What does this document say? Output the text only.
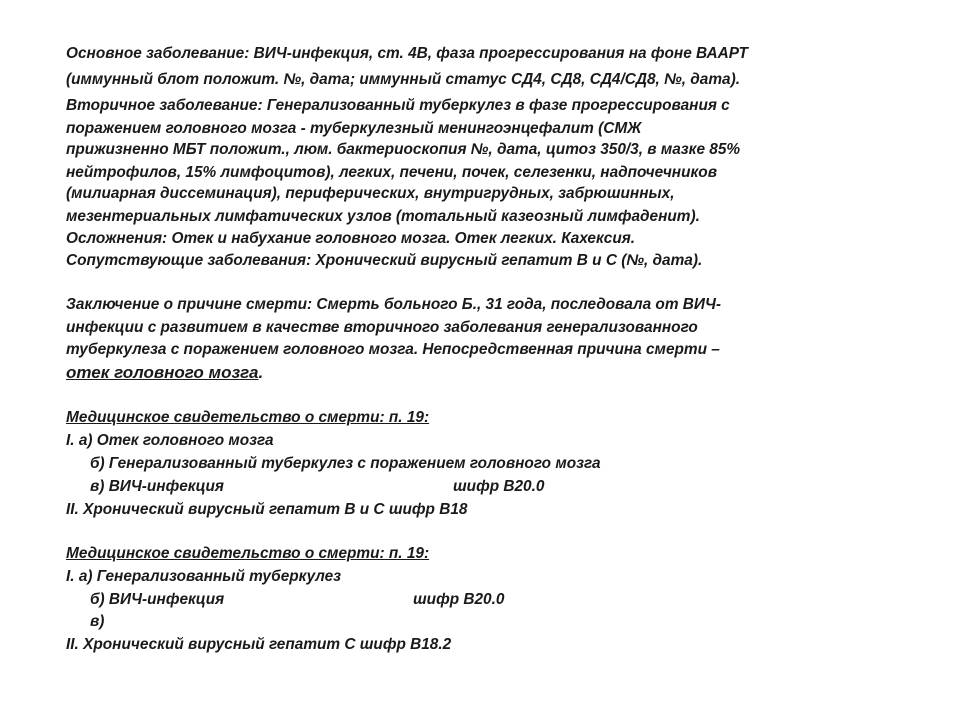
Основное заболевание: ВИЧ-инфекция, ст. 4В, фаза прогрессирования на фоне ВААРТ
(иммунный блот положит. №, дата; иммунный статус СД4, СД8, СД4/СД8, №, дата).
Вторичное заболевание: Генерализованный туберкулез в фазе прогрессирования с
поражением головного мозга - туберкулезный менингоэнцефалит (СМЖ
прижизненно МБТ положит., люм. бактериоскопия №, дата, цитоз 350/3, в мазке 85%
нейтрофилов, 15% лимфоцитов), легких, печени, почек, селезенки, надпочечников
(милиарная диссеминация), периферических, внутригрудных, забрюшинных,
мезентериальных лимфатических узлов (тотальный казеозный лимфаденит).
Осложнения: Отек и набухание головного мозга. Отек легких. Кахексия.
Сопутствующие заболевания: Хронический вирусный гепатит В и С (№, дата).
Заключение о причине смерти: Смерть больного Б., 31 года, последовала от ВИЧ-
инфекции с развитием в качестве вторичного заболевания генерализованного
туберкулеза с поражением головного мозга. Непосредственная причина смерти –
отек головного мозга.
Медицинское свидетельство о смерти: п. 19:
I. а) Отек головного мозга
б) Генерализованный туберкулез с поражением головного мозга
в) ВИЧ-инфекция	шифр В20.0
II. Хронический вирусный гепатит В и С шифр В18
Медицинское свидетельство о смерти: п. 19:
I. а) Генерализованный туберкулез
б) ВИЧ-инфекция	шифр В20.0
в)
II. Хронический вирусный гепатит С шифр В18.2
